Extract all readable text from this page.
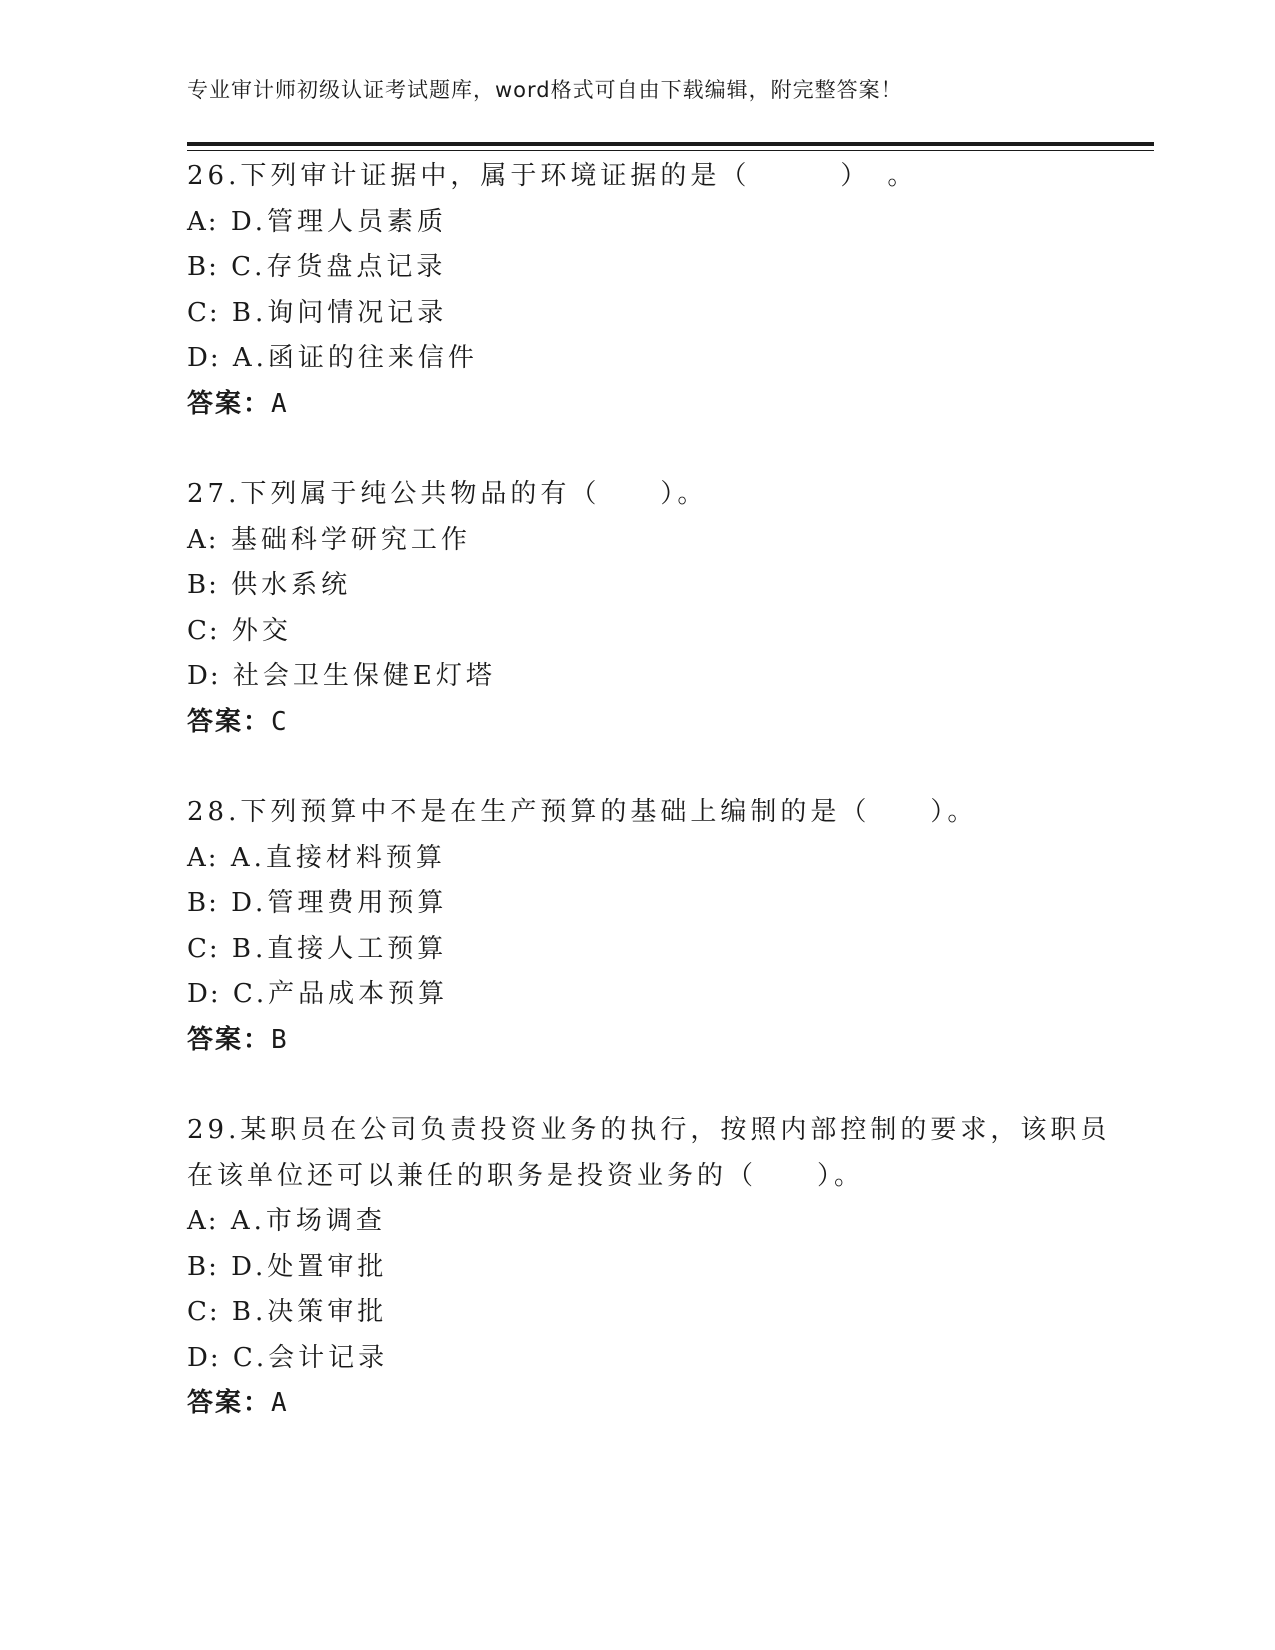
专业审计师初级认证考试题库，word格式可自由下载编辑，附完整答案！
26.下列审计证据中，属于环境证据的是（　　　）　。
A: D.管理人员素质
B: C.存货盘点记录
C: B.询问情况记录
D: A.函证的往来信件
答案：A
27.下列属于纯公共物品的有（　　）。
A: 基础科学研究工作
B: 供水系统
C: 外交
D: 社会卫生保健E灯塔
答案：C
28.下列预算中不是在生产预算的基础上编制的是（　　）。
A: A.直接材料预算
B: D.管理费用预算
C: B.直接人工预算
D: C.产品成本预算
答案：B
29.某职员在公司负责投资业务的执行，按照内部控制的要求，该职员
在该单位还可以兼任的职务是投资业务的（　　）。
A: A.市场调查
B: D.处置审批
C: B.决策审批
D: C.会计记录
答案：A
